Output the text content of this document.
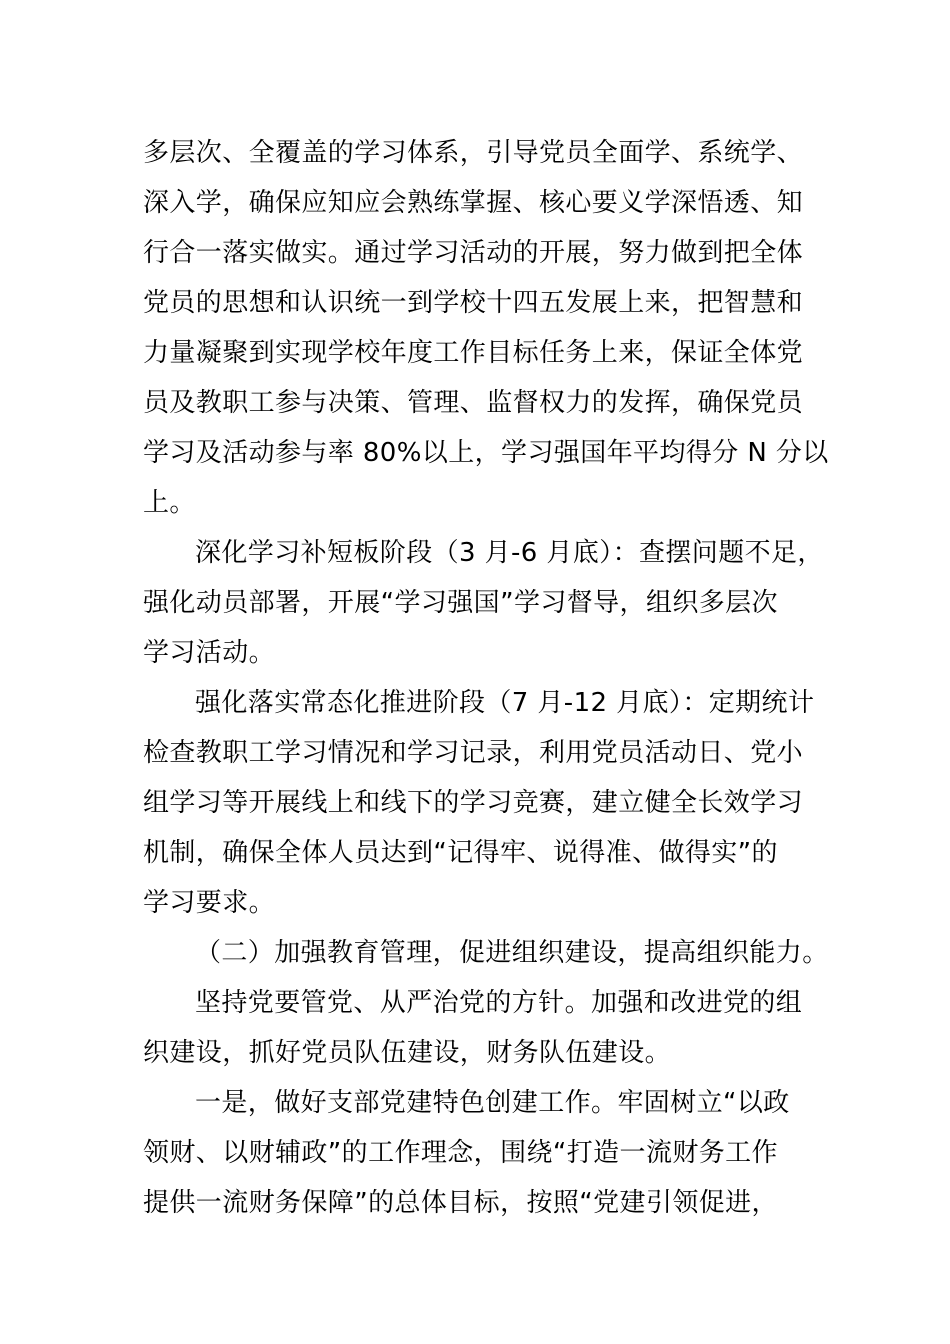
多层次、全覆盖的学习体系，引导党员全面学、系统学、
深入学，确保应知应会熟练掌握、核心要义学深悟透、知
行合一落实做实。通过学习活动的开展，努力做到把全体
党员的思想和认识统一到学校十四五发展上来，把智慧和
力量凝聚到实现学校年度工作目标任务上来，保证全体党
员及教职工参与决策、管理、监督权力的发挥，确保党员
学习及活动参与率 80%以上，学习强国年平均得分 N 分以
上。
深化学习补短板阶段（3 月-6 月底）：查摆问题不足，
强化动员部署，开展“学习强国”学习督导，组织多层次
学习活动。
强化落实常态化推进阶段（7 月-12 月底）：定期统计
检查教职工学习情况和学习记录，利用党员活动日、党小
组学习等开展线上和线下的学习竞赛，建立健全长效学习
机制，确保全体人员达到“记得牢、说得准、做得实”的
学习要求。
（二）加强教育管理，促进组织建设，提高组织能力。
坚持党要管党、从严治党的方针。加强和改进党的组
织建设，抓好党员队伍建设，财务队伍建设。
一是，做好支部党建特色创建工作。牢固树立“以政
领财、以财辅政”的工作理念，围绕“打造一流财务工作
提供一流财务保障”的总体目标，按照“党建引领促进，
